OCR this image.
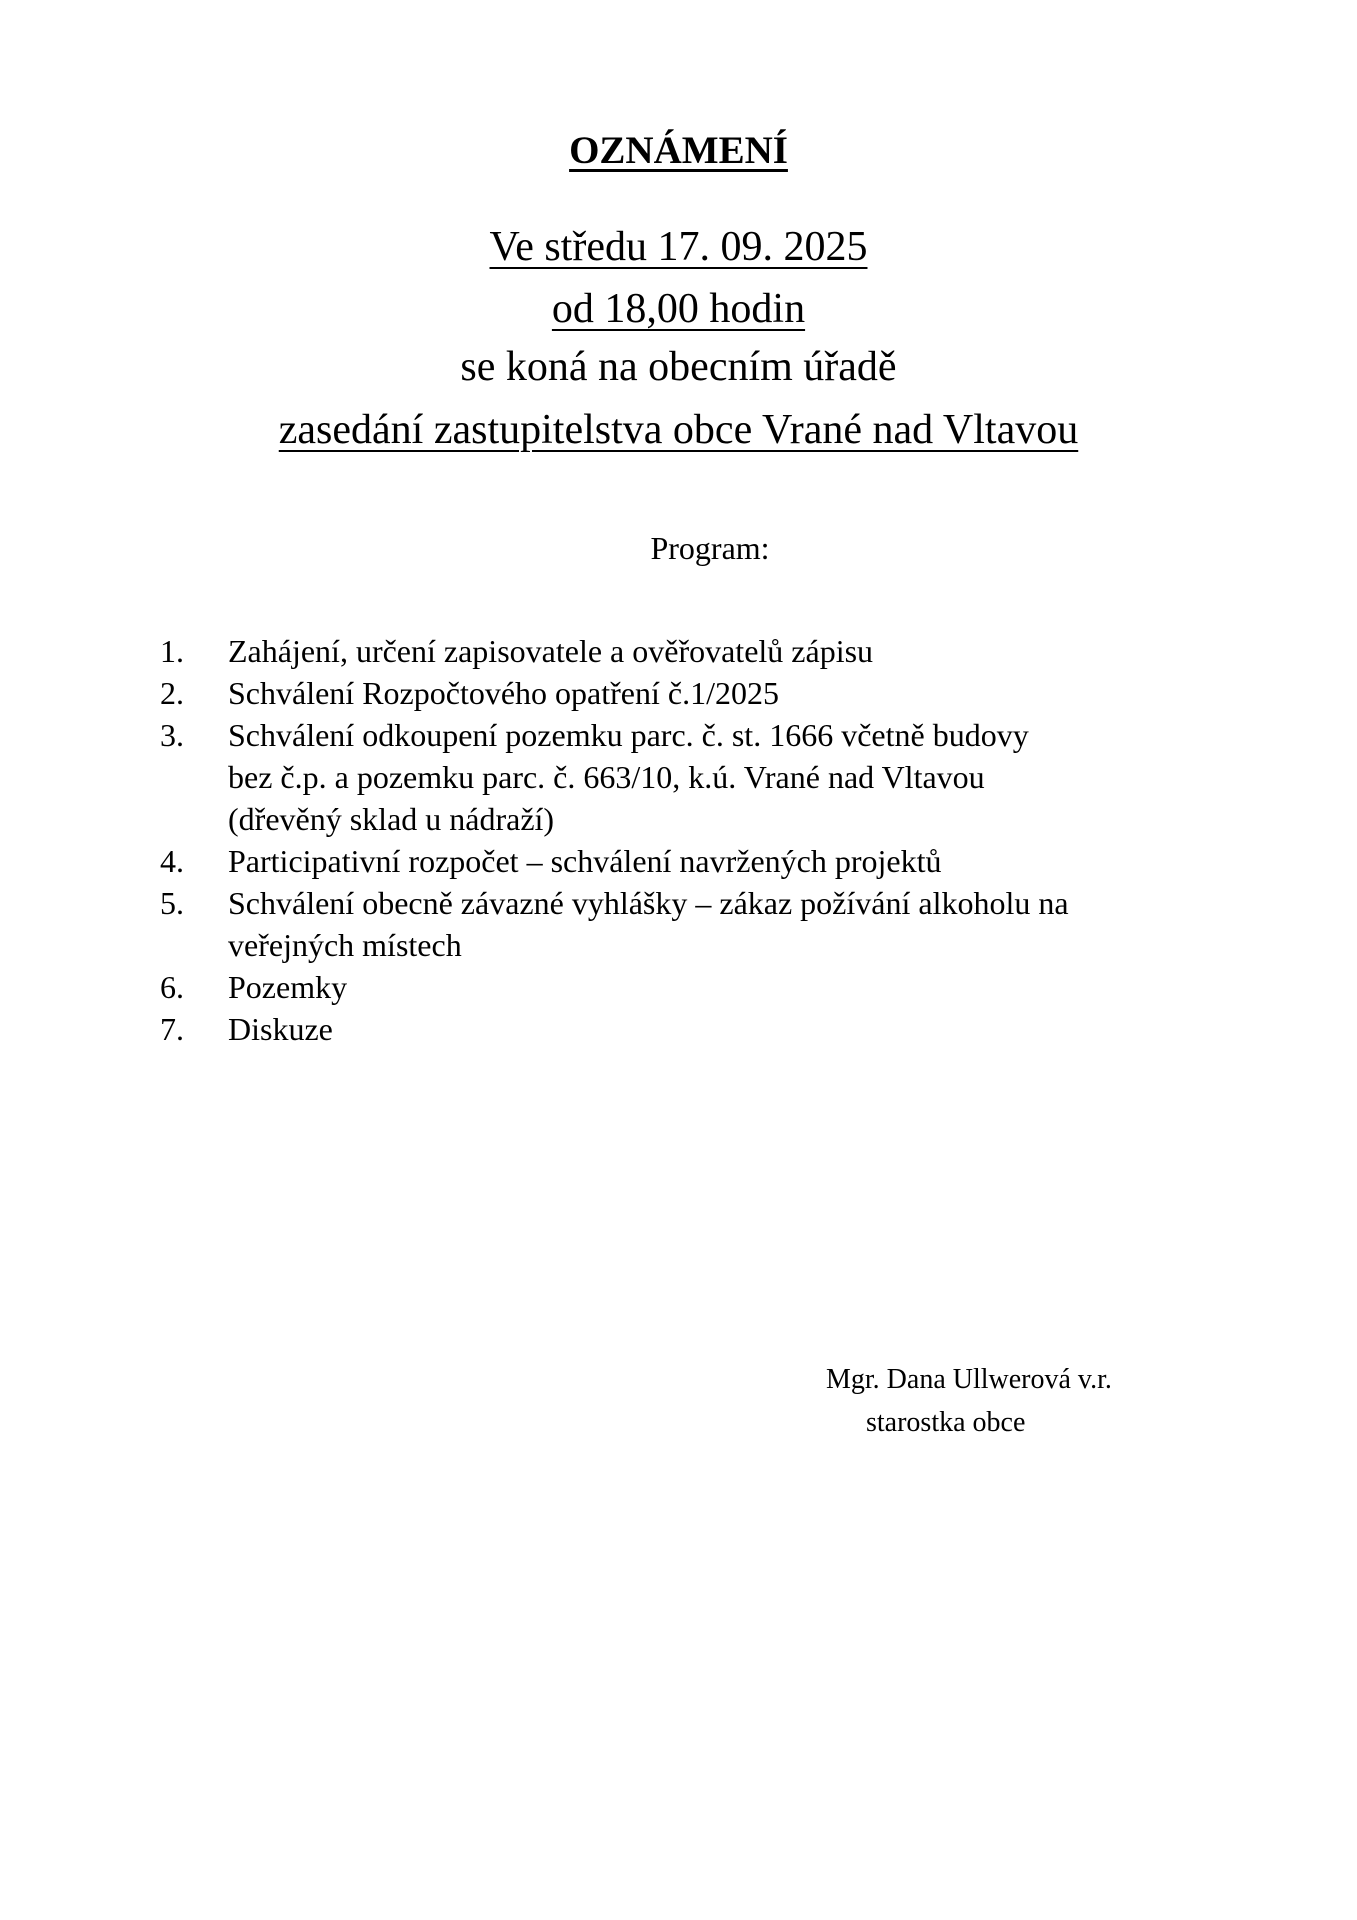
OZNÁMENÍ
Ve středu 17. 09. 2025
od 18,00 hodin
se koná na obecním úřadě
zasedání zastupitelstva obce Vrané nad Vltavou
Program:
1. Zahájení, určení zapisovatele a ověřovatelů zápisu
2. Schválení Rozpočtového opatření č.1/2025
3. Schválení odkoupení pozemku parc. č. st. 1666 včetně budovy
bez č.p. a pozemku parc. č. 663/10, k.ú. Vrané nad Vltavou
(dřevěný sklad u nádraží)
4. Participativní rozpočet – schválení navržených projektů
5. Schválení obecně závazné vyhlášky – zákaz požívání alkoholu na
veřejných místech
6. Pozemky
7. Diskuze
Mgr. Dana Ullwerová v.r.
starostka obce
